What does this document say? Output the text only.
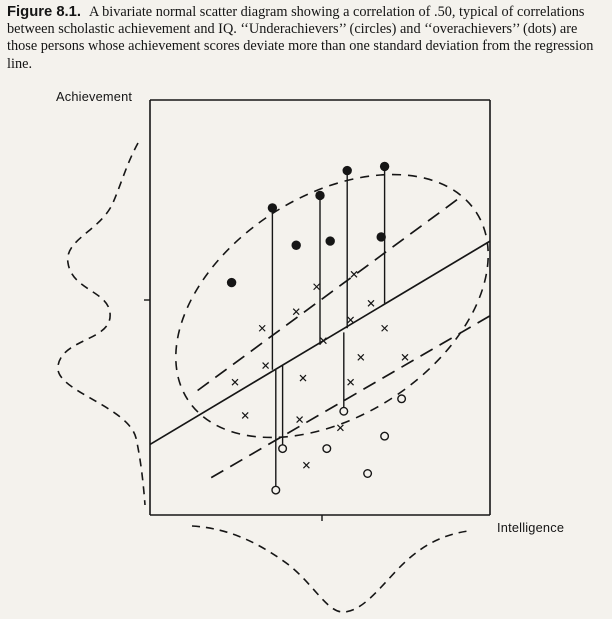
Figure 8.1. A bivariate normal scatter diagram showing a correlation of .50, typical of correlations between scholastic achievement and IQ. ‘‘Underachievers’’ (circles) and ‘‘overachievers’’ (dots) are those persons whose achievement scores deviate more than one standard deviation from the regression line.
Achievement
Intelligence
